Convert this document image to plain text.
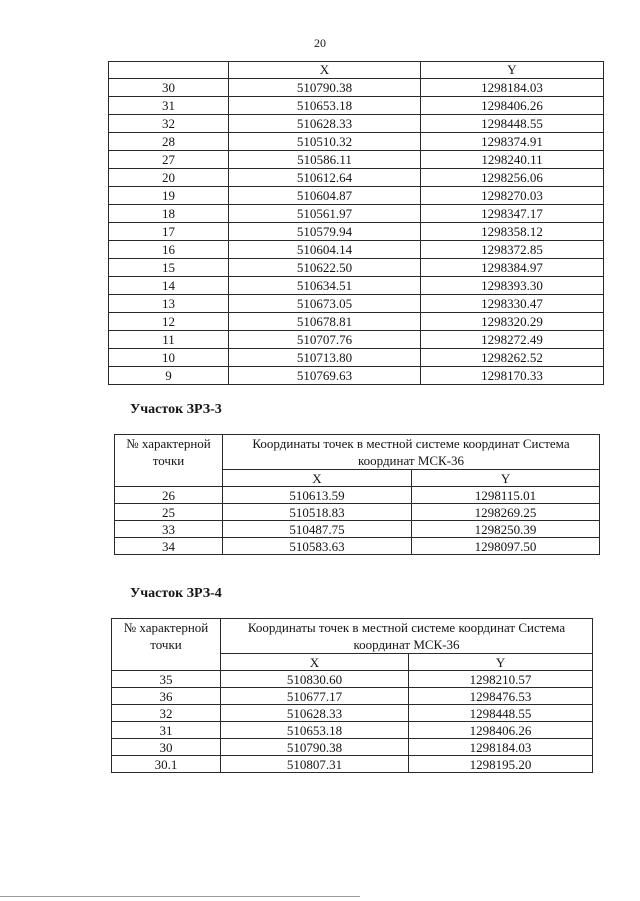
20
	X	Y
30	510790.38	1298184.03
31	510653.18	1298406.26
32	510628.33	1298448.55
28	510510.32	1298374.91
27	510586.11	1298240.11
20	510612.64	1298256.06
19	510604.87	1298270.03
18	510561.97	1298347.17
17	510579.94	1298358.12
16	510604.14	1298372.85
15	510622.50	1298384.97
14	510634.51	1298393.30
13	510673.05	1298330.47
12	510678.81	1298320.29
11	510707.76	1298272.49
10	510713.80	1298262.52
9	510769.63	1298170.33
Участок ЗРЗ-3
№ характерной точки	Координаты точек в местной системе координат Система координат МСК-36	
	X	Y
26	510613.59	1298115.01
25	510518.83	1298269.25
33	510487.75	1298250.39
34	510583.63	1298097.50
Участок ЗРЗ-4
№ характерной точки	Координаты точек в местной системе координат Система координат МСК-36	
	X	Y
35	510830.60	1298210.57
36	510677.17	1298476.53
32	510628.33	1298448.55
31	510653.18	1298406.26
30	510790.38	1298184.03
30.1	510807.31	1298195.20
